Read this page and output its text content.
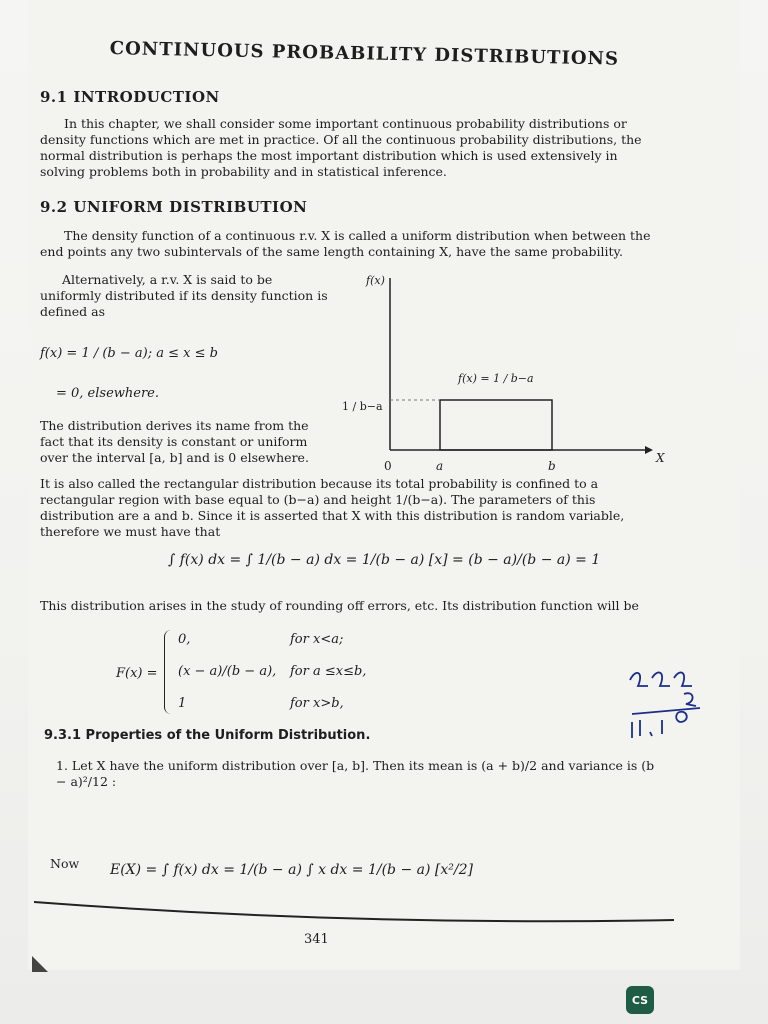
CONTINUOUS PROBABILITY DISTRIBUTIONS
9.1 INTRODUCTION
In this chapter, we shall consider some important continuous probability distributions or density functions which are met in practice. Of all the continuous probability distributions, the normal distribution is perhaps the most important distribution which is used extensively in solving problems both in probability and in statistical inference.
9.2 UNIFORM DISTRIBUTION
The density function of a continuous r.v. X is called a uniform distribution when between the end points any two subintervals of the same length containing X, have the same probability.
Alternatively, a r.v. X is said to be uniformly distributed if its density function is defined as
f(x) = 1 / (b − a); a ≤ x ≤ b
= 0, elsewhere.
The distribution derives its name from the fact that its density is constant or uniform over the interval [a, b] and is 0 elsewhere.
f(x)
X
0	a	b
1 / b−a
f(x) = 1 / b−a
It is also called the rectangular distribution because its total probability is confined to a rectangular region with base equal to (b−a) and height 1/(b−a). The parameters of this distribution are a and b. Since it is asserted that X with this distribution is random variable, therefore we must have that
∫ f(x) dx = ∫ 1/(b − a) dx = 1/(b − a) [x] = (b − a)/(b − a) = 1
This distribution arises in the study of rounding off errors, etc. Its distribution function will be
F(x) =
0,	for x<a;
(x − a)/(b − a), for a ≤x≤b,
1	for x>b,
9.3.1 Properties of the Uniform Distribution.
1. Let X have the uniform distribution over [a, b]. Then its mean is (a + b)/2 and variance is (b − a)²/12 :
Now E(X) = ∫ f(x) dx = 1/(b − a) ∫ x dx = 1/(b − a) [x²/2]
341
CS
